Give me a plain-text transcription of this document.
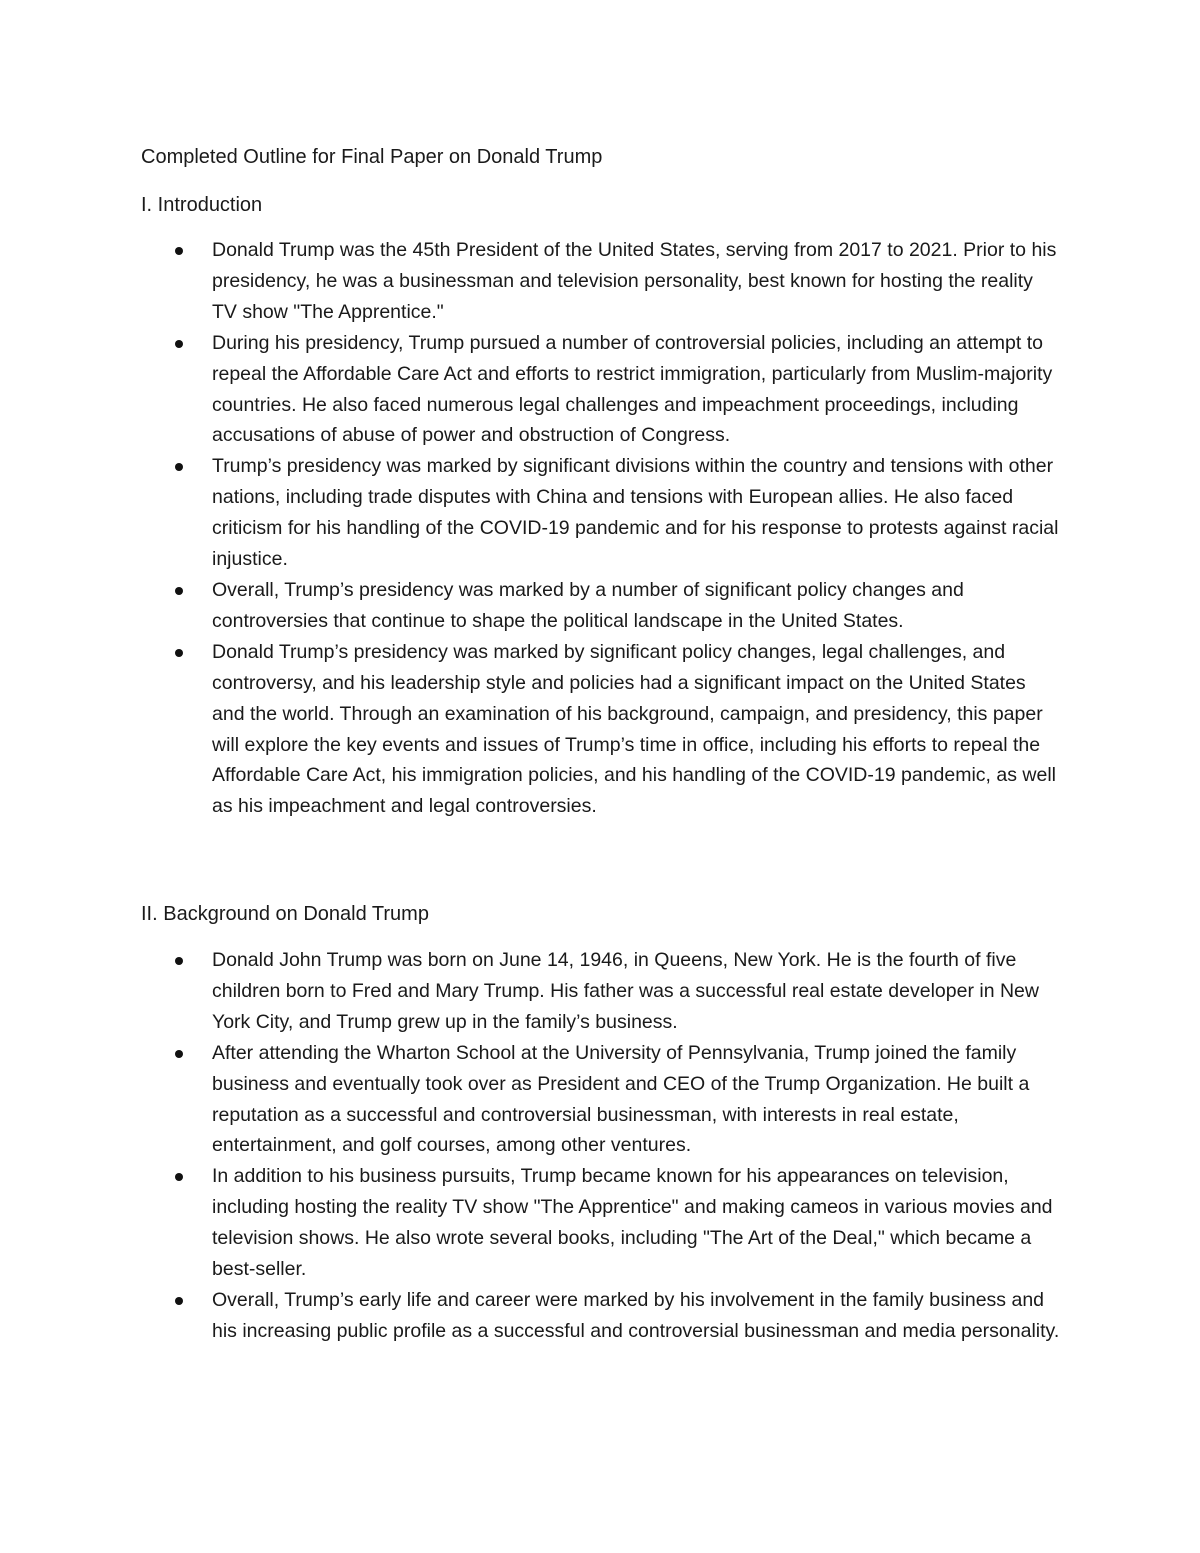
Completed Outline for Final Paper on Donald Trump
I. Introduction
Donald Trump was the 45th President of the United States, serving from 2017 to 2021. Prior to his presidency, he was a businessman and television personality, best known for hosting the reality TV show "The Apprentice."
During his presidency, Trump pursued a number of controversial policies, including an attempt to repeal the Affordable Care Act and efforts to restrict immigration, particularly from Muslim-majority countries. He also faced numerous legal challenges and impeachment proceedings, including accusations of abuse of power and obstruction of Congress.
Trump’s presidency was marked by significant divisions within the country and tensions with other nations, including trade disputes with China and tensions with European allies. He also faced criticism for his handling of the COVID-19 pandemic and for his response to protests against racial injustice.
Overall, Trump’s presidency was marked by a number of significant policy changes and controversies that continue to shape the political landscape in the United States.
Donald Trump’s presidency was marked by significant policy changes, legal challenges, and controversy, and his leadership style and policies had a significant impact on the United States and the world. Through an examination of his background, campaign, and presidency, this paper will explore the key events and issues of Trump’s time in office, including his efforts to repeal the Affordable Care Act, his immigration policies, and his handling of the COVID-19 pandemic, as well as his impeachment and legal controversies.
II. Background on Donald Trump
Donald John Trump was born on June 14, 1946, in Queens, New York. He is the fourth of five children born to Fred and Mary Trump. His father was a successful real estate developer in New York City, and Trump grew up in the family’s business.
After attending the Wharton School at the University of Pennsylvania, Trump joined the family business and eventually took over as President and CEO of the Trump Organization. He built a reputation as a successful and controversial businessman, with interests in real estate, entertainment, and golf courses, among other ventures.
In addition to his business pursuits, Trump became known for his appearances on television, including hosting the reality TV show "The Apprentice" and making cameos in various movies and television shows. He also wrote several books, including "The Art of the Deal," which became a best-seller.
Overall, Trump’s early life and career were marked by his involvement in the family business and his increasing public profile as a successful and controversial businessman and media personality.
